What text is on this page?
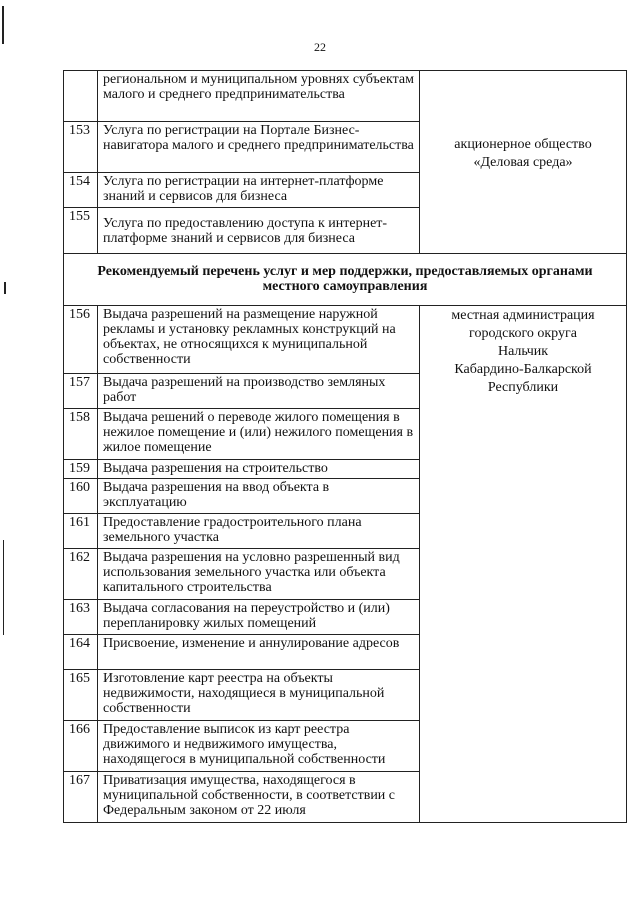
22
	региональном и муниципальном уровнях субъектам малого и среднего предпринимательства	акционерное общество «Деловая среда»

153	Услуга по регистрации на Портале Бизнес-навигатора малого и среднего предпринимательства	
154	Услуга по регистрации на интернет-платформе знаний и сервисов для бизнеса	
155	Услуга по предоставлению доступа к интернет-платформе знаний и сервисов для бизнеса	
Рекомендуемый перечень услуг и мер поддержки, предоставляемых органами местного самоуправления		
156	Выдача разрешений на размещение наружной рекламы и установку рекламных конструкций на объектах, не относящихся к муниципальной собственности	местная администрация
городского округа
Нальчик
Кабардино-Балкарской
Республики

157	Выдача разрешений на производство земляных работ	
158	Выдача решений о переводе жилого помещения в нежилое помещение и (или) нежилого помещения в жилое помещение	
159	Выдача разрешения на строительство	
160	Выдача разрешения на ввод объекта в эксплуатацию	
161	Предоставление градостроительного плана земельного участка	
162	Выдача разрешения на условно разрешенный вид использования земельного участка или объекта капитального строительства	
163	Выдача согласования на переустройство и (или) перепланировку жилых помещений	
164	Присвоение, изменение и аннулирование адресов	
165	Изготовление карт реестра на объекты недвижимости, находящиеся в муниципальной собственности	
166	Предоставление выписок из карт реестра движимого и недвижимого имущества, находящегося в муниципальной собственности	
167	Приватизация имущества, находящегося в муниципальной собственности, в соответствии с Федеральным законом от 22 июля	
